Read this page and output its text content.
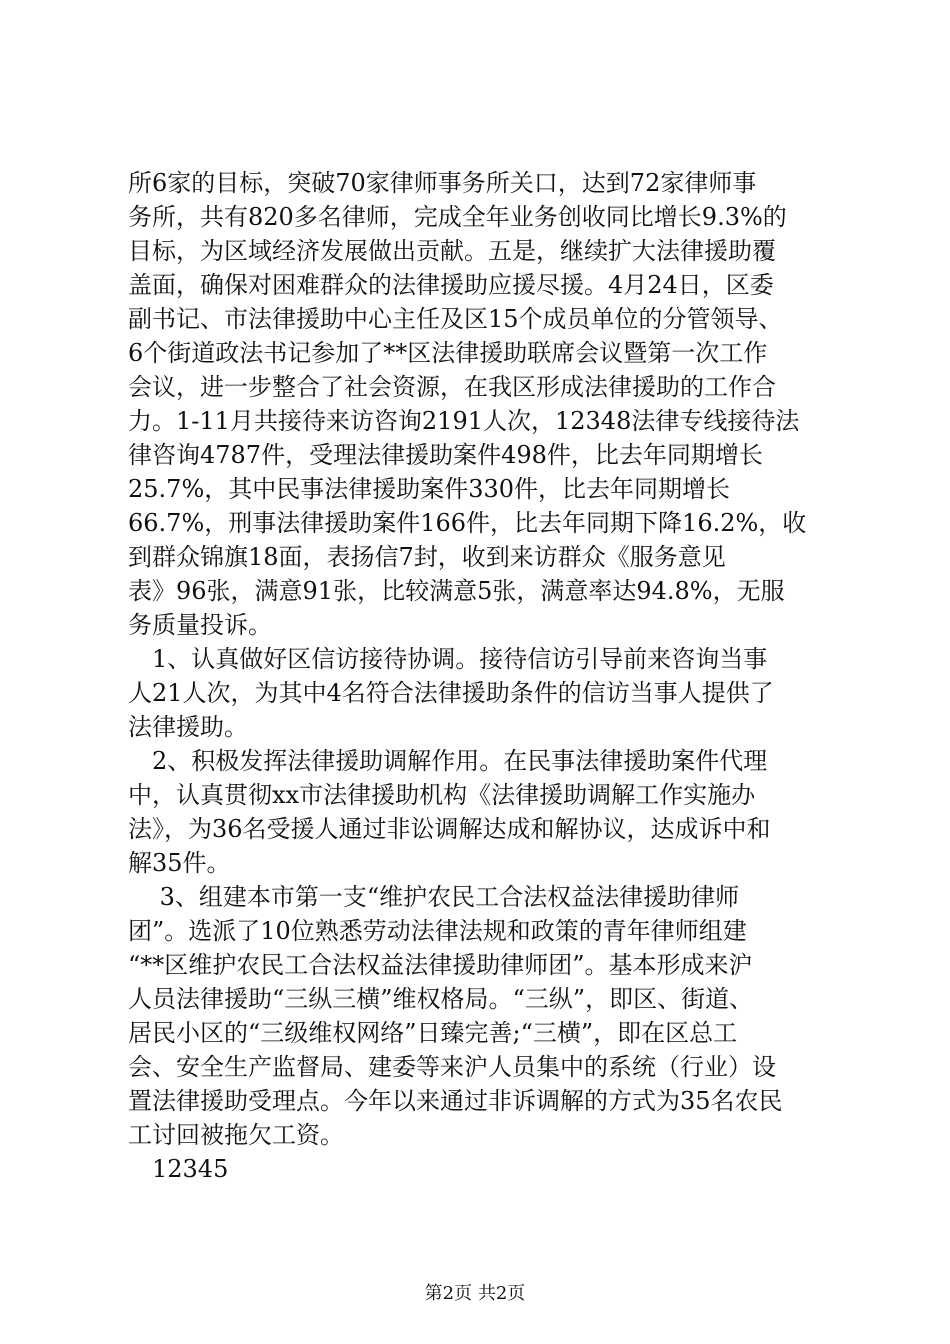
所6家的目标，突破70家律师事务所关口，达到72家律师事
务所，共有820多名律师，完成全年业务创收同比增长9.3%的
目标，为区域经济发展做出贡献。五是，继续扩大法律援助覆
盖面，确保对困难群众的法律援助应援尽援。4月24日，区委
副书记、市法律援助中心主任及区15个成员单位的分管领导、
6个街道政法书记参加了**区法律援助联席会议暨第一次工作
会议，进一步整合了社会资源，在我区形成法律援助的工作合
力。1-11月共接待来访咨询2191人次，12348法律专线接待法
律咨询4787件，受理法律援助案件498件，比去年同期增长
25.7%，其中民事法律援助案件330件，比去年同期增长
66.7%，刑事法律援助案件166件，比去年同期下降16.2%，收
到群众锦旗18面，表扬信7封，收到来访群众《服务意见
表》96张，满意91张，比较满意5张，满意率达94.8%，无服
务质量投诉。
　1、认真做好区信访接待协调。接待信访引导前来咨询当事
人21人次，为其中4名符合法律援助条件的信访当事人提供了
法律援助。
　2、积极发挥法律援助调解作用。在民事法律援助案件代理
中，认真贯彻xx市法律援助机构《法律援助调解工作实施办
法》，为36名受援人通过非讼调解达成和解协议，达成诉中和
解35件。
　 3、组建本市第一支“维护农民工合法权益法律援助律师
团”。选派了10位熟悉劳动法律法规和政策的青年律师组建
“**区维护农民工合法权益法律援助律师团”。基本形成来沪
人员法律援助“三纵三横”维权格局。“三纵”，即区、街道、
居民小区的“三级维权网络”日臻完善;“三横”，即在区总工
会、安全生产监督局、建委等来沪人员集中的系统（行业）设
置法律援助受理点。今年以来通过非诉调解的方式为35名农民
工讨回被拖欠工资。
　12345
第2页 共2页
